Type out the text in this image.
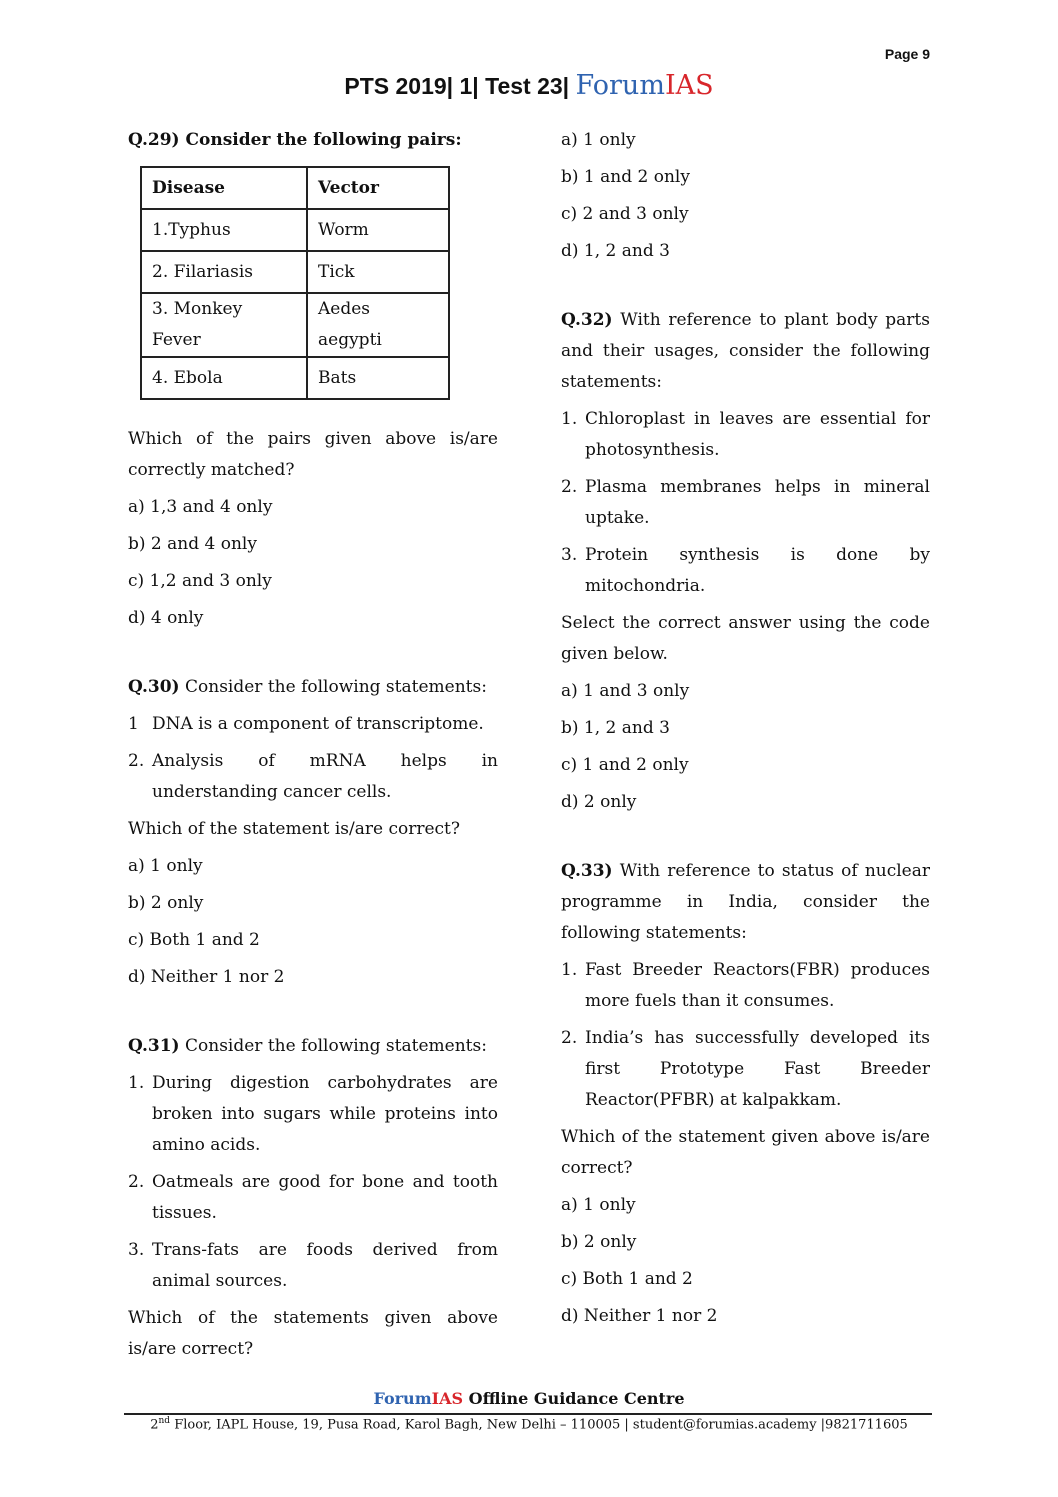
Page 9
PTS 2019| 1| Test 23| ForumIAS
Q.29) Consider the following pairs:
Disease	Vector
1.Typhus	Worm
2. Filariasis	Tick
3. Monkey Fever	Aedes aegypti
4. Ebola	Bats
Which of the pairs given above is/are correctly matched?
a) 1,3 and 4 only
b) 2 and 4 only
c) 1,2 and 3 only
d) 4 only
Q.30) Consider the following statements:
1 DNA is a component of transcriptome.
2. Analysis of mRNA helps in understanding cancer cells.
Which of the statement is/are correct?
a) 1 only
b) 2 only
c) Both 1 and 2
d) Neither 1 nor 2
Q.31) Consider the following statements:
1. During digestion carbohydrates are broken into sugars while proteins into amino acids.
2. Oatmeals are good for bone and tooth tissues.
3. Trans-fats are foods derived from animal sources.
Which of the statements given above is/are correct?
a) 1 only
b) 1 and 2 only
c) 2 and 3 only
d) 1, 2 and 3
Q.32) With reference to plant body parts and their usages, consider the following statements:
1. Chloroplast in leaves are essential for photosynthesis.
2. Plasma membranes helps in mineral uptake.
3. Protein synthesis is done by mitochondria.
Select the correct answer using the code given below.
a) 1 and 3 only
b) 1, 2 and 3
c) 1 and 2 only
d) 2 only
Q.33) With reference to status of nuclear programme in India, consider the following statements:
1. Fast Breeder Reactors(FBR) produces more fuels than it consumes.
2. India’s has successfully developed its first Prototype Fast Breeder Reactor(PFBR) at kalpakkam.
Which of the statement given above is/are correct?
a) 1 only
b) 2 only
c) Both 1 and 2
d) Neither 1 nor 2
ForumIAS Offline Guidance Centre
2nd Floor, IAPL House, 19, Pusa Road, Karol Bagh, New Delhi – 110005 | student@forumias.academy |9821711605
